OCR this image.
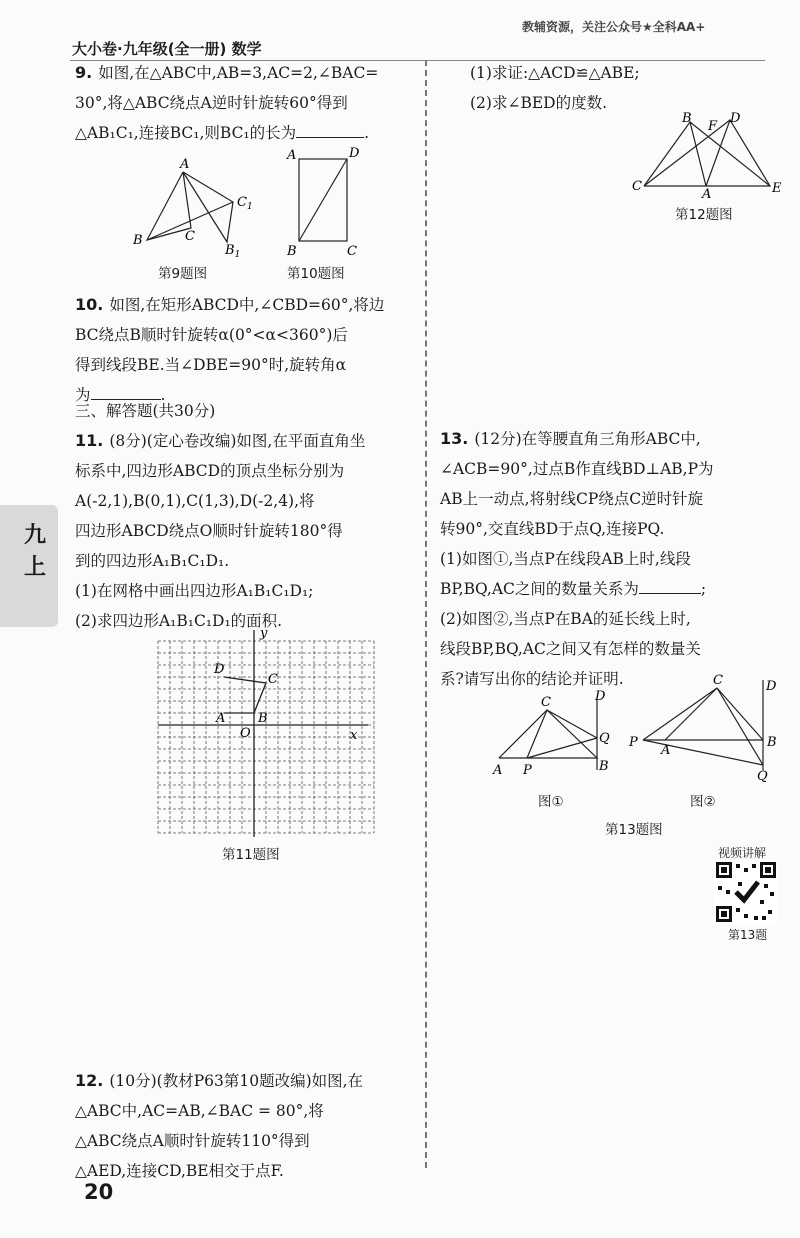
大小卷·九年级(全一册) 数学
教辅资源，关注公众号★全科AA+
九上
9. 如图,在△ABC中,AB=3,AC=2,∠BAC=
30°,将△ABC绕点A逆时针旋转60°得到
△AB₁C₁,连接BC₁,则BC₁的长为	.
A
B	C
$C_1$
$B_1$
第9题图
A	D
B	C
第10题图
10. 如图,在矩形ABCD中,∠CBD=60°,将边
BC绕点B顺时针旋转α(0°<α<360°)后
得到线段BE.当∠DBE=90°时,旋转角α
为	.
三、解答题(共30分)
11. (8分)(定心卷改编)如图,在平面直角坐
标系中,四边形ABCD的顶点坐标分别为
A(-2,1),B(0,1),C(1,3),D(-2,4),将
四边形ABCD绕点O顺时针旋转180°得
到的四边形A₁B₁C₁D₁.
(1)在网格中画出四边形A₁B₁C₁D₁;
(2)求四边形A₁B₁C₁D₁的面积.
y
x
D
C
A	B
O
第11题图
12. (10分)(教材P63第10题改编)如图,在
△ABC中,AC=AB,∠BAC = 80°,将
△ABC绕点A顺时针旋转110°得到
△AED,连接CD,BE相交于点F.
(1)求证:△ACD≌△ABE;
(2)求∠BED的度数.
B
F
D
C
A	E
第12题图
13. (12分)在等腰直角三角形ABC中,
∠ACB=90°,过点B作直线BD⊥AB,P为
AB上一动点,将射线CP绕点C逆时针旋
转90°,交直线BD于点Q,连接PQ.
(1)如图①,当点P在线段AB上时,线段
BP,BQ,AC之间的数量关系为	;
(2)如图②,当点P在BA的延长线上时,
线段BP,BQ,AC之间又有怎样的数量关
系?请写出你的结论并证明.
C	D
Q
B
A P
C	D
P
A
B
Q
图①	图②
第13题图
视频讲解
第13题
20
